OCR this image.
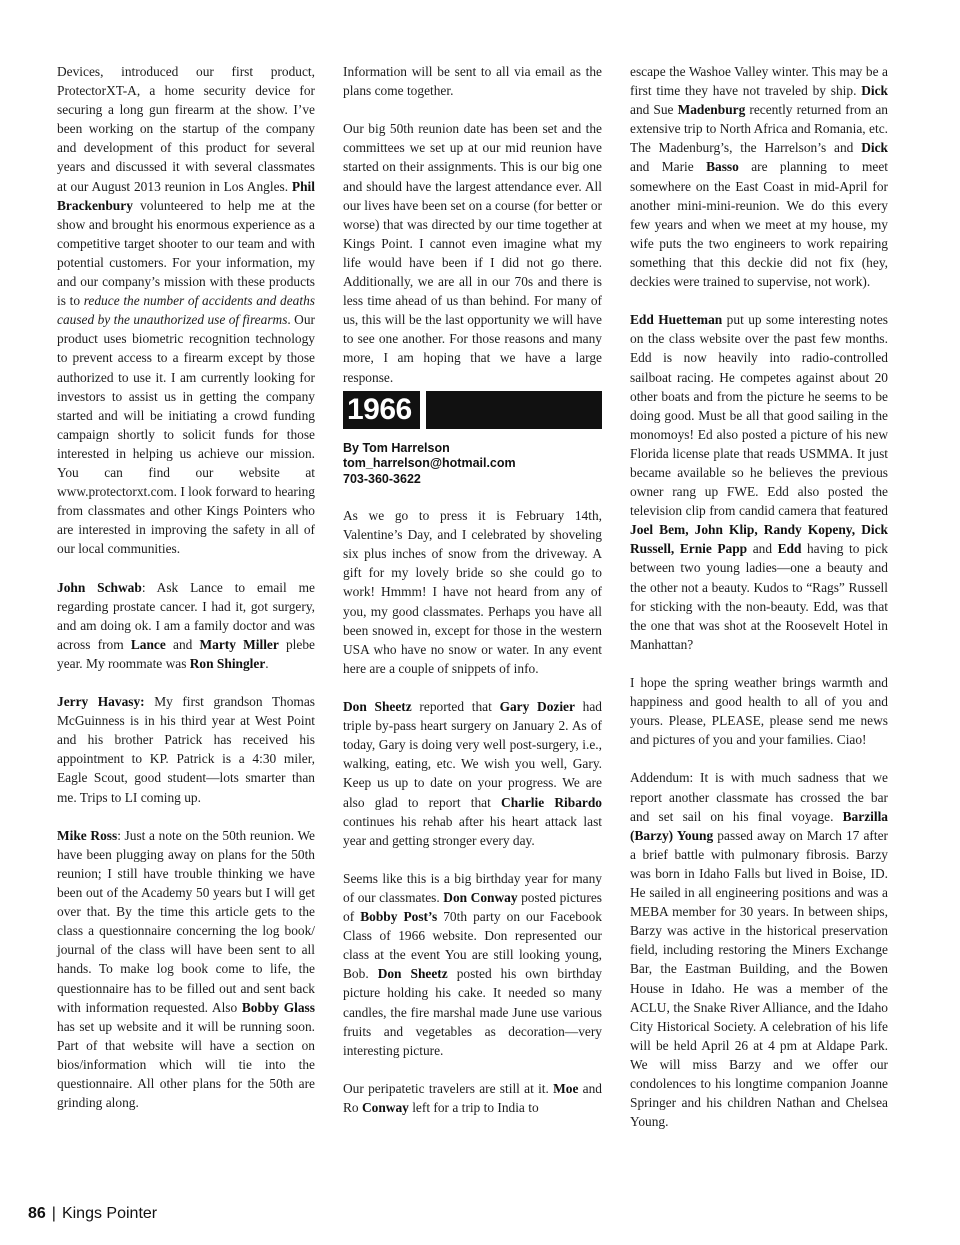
Devices, introduced our first product, ProtectorXT-A, a home security device for securing a long gun firearm at the show. I’ve been working on the startup of the company and development of this product for several years and discussed it with several classmates at our August 2013 reunion in Los Angles. Phil Brackenbury volunteered to help me at the show and brought his enormous experience as a competitive target shooter to our team and with potential customers. For your information, my and our company’s mission with these products is to reduce the number of accidents and deaths caused by the unauthorized use of firearms. Our product uses biometric recognition technology to prevent access to a firearm except by those authorized to use it. I am currently looking for investors to assist us in getting the company started and will be initiating a crowd funding campaign shortly to solicit funds for those interested in helping us achieve our mission. You can find our website at www.protectorxt.com. I look forward to hearing from classmates and other Kings Pointers who are interested in improving the safety in all of our local communities.

John Schwab: Ask Lance to email me regarding prostate cancer. I had it, got surgery, and am doing ok. I am a family doctor and was across from Lance and Marty Miller plebe year. My roommate was Ron Shingler.

Jerry Havasy: My first grandson Thomas McGuinness is in his third year at West Point and his brother Patrick has received his appointment to KP. Patrick is a 4:30 miler, Eagle Scout, good student—lots smarter than me. Trips to LI coming up.

Mike Ross: Just a note on the 50th reunion. We have been plugging away on plans for the 50th reunion; I still have trouble thinking we have been out of the Academy 50 years but I will get over that. By the time this article gets to the class a questionnaire concerning the log book/ journal of the class will have been sent to all hands. To make log book come to life, the questionnaire has to be filled out and sent back with information requested. Also Bobby Glass has set up website and it will be running soon. Part of that website will have a section on bios/information which will tie into the questionnaire. All other plans for the 50th are grinding along.

Information will be sent to all via email as the plans come together.

Our big 50th reunion date has been set and the committees we set up at our mid reunion have started on their assignments. This is our big one and should have the largest attendance ever. All our lives have been set on a course (for better or worse) that was directed by our time together at Kings Point. I cannot even imagine what my life would have been if I did not go there. Additionally, we are all in our 70s and there is less time ahead of us than behind. For many of us, this will be the last opportunity we will have to see one another. For those reasons and many more, I am hoping that we have a large response.

1966
By Tom Harrelson
tom_harrelson@hotmail.com
703-360-3622

As we go to press it is February 14th, Valentine’s Day, and I celebrated by shoveling six plus inches of snow from the driveway. A gift for my lovely bride so she could go to work! Hmmm! I have not heard from any of you, my good classmates. Perhaps you have all been snowed in, except for those in the western USA who have no snow or water. In any event here are a couple of snippets of info.

Don Sheetz reported that Gary Dozier had triple by-pass heart surgery on January 2. As of today, Gary is doing very well post-surgery, i.e., walking, eating, etc. We wish you well, Gary. Keep us up to date on your progress. We are also glad to report that Charlie Ribardo continues his rehab after his heart attack last year and getting stronger every day.

Seems like this is a big birthday year for many of our classmates. Don Conway posted pictures of Bobby Post’s 70th party on our Facebook Class of 1966 website. Don represented our class at the event You are still looking young, Bob. Don Sheetz posted his own birthday picture holding his cake. It needed so many candles, the fire marshal made June use various fruits and vegetables as decoration—very interesting picture.

Our peripatetic travelers are still at it. Moe and Ro Conway left for a trip to India to

escape the Washoe Valley winter. This may be a first time they have not traveled by ship. Dick and Sue Madenburg recently returned from an extensive trip to North Africa and Romania, etc. The Madenburg’s, the Harrelson’s and Dick and Marie Basso are planning to meet somewhere on the East Coast in mid-April for another mini-mini-reunion. We do this every few years and when we meet at my house, my wife puts the two engineers to work repairing something that this deckie did not fix (hey, deckies were trained to supervise, not work).

Edd Huetteman put up some interesting notes on the class website over the past few months. Edd is now heavily into radio-controlled sailboat racing. He competes against about 20 other boats and from the picture he seems to be doing good. Must be all that good sailing in the monomoys! Ed also posted a picture of his new Florida license plate that reads USMMA. It just became available so he believes the previous owner rang up FWE. Edd also posted the television clip from candid camera that featured Joel Bem, John Klip, Randy Kopeny, Dick Russell, Ernie Papp and Edd having to pick between two young ladies—one a beauty and the other not a beauty. Kudos to “Rags” Russell for sticking with the non-beauty. Edd, was that the one that was shot at the Roosevelt Hotel in Manhattan?

I hope the spring weather brings warmth and happiness and good health to all of you and yours. Please, PLEASE, please send me news and pictures of you and your families. Ciao!

Addendum: It is with much sadness that we report another classmate has crossed the bar and set sail on his final voyage. Barzilla (Barzy) Young passed away on March 17 after a brief battle with pulmonary fibrosis. Barzy was born in Idaho Falls but lived in Boise, ID. He sailed in all engineering positions and was a MEBA member for 30 years. In between ships, Barzy was active in the historical preservation field, including restoring the Miners Exchange Bar, the Eastman Building, and the Bowen House in Idaho. He was a member of the ACLU, the Snake River Alliance, and the Idaho City Historical Society. A celebration of his life will be held April 26 at 4 pm at Aldape Park. We will miss Barzy and we offer our condolences to his longtime companion Joanne Springer and his children Nathan and Chelsea Young.

86 | Kings Pointer
